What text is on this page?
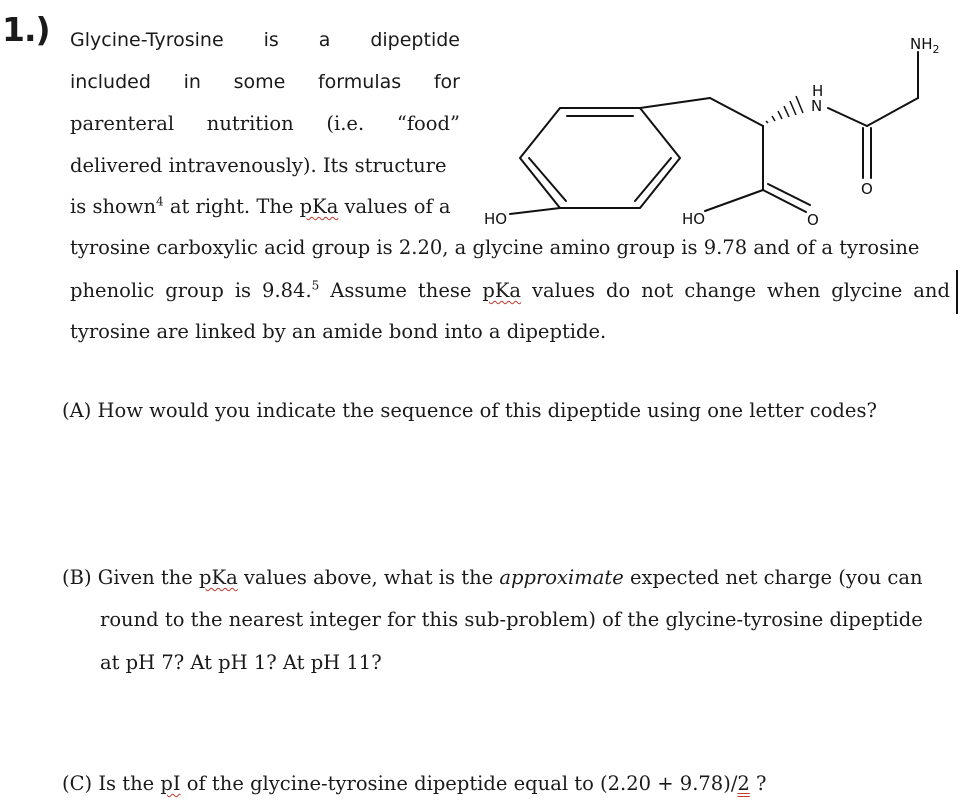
1.) Glycine-Tyrosine is a dipeptide
included in some formulas for
parenteral nutrition (i.e. “food”
delivered intravenously). Its structure
is shown$^4$ at right. The pKa values of a
tyrosine carboxylic acid group is 2.20, a glycine amino group is 9.78 and of a tyrosine
phenolic group is 9.84.$^5$ Assume these pKa values do not change when glycine and
tyrosine are linked by an amide bond into a dipeptide.
H
N
$NH_2$
O
O
HO
HO
(A) How would you indicate the sequence of this dipeptide using one letter codes?
(B) Given the pKa values above, what is the approximate expected net charge (you can
round to the nearest integer for this sub-problem) of the glycine-tyrosine dipeptide
at pH 7? At pH 1? At pH 11?
(C) Is the pI of the glycine-tyrosine dipeptide equal to (2.20 + 9.78)/2 ?
